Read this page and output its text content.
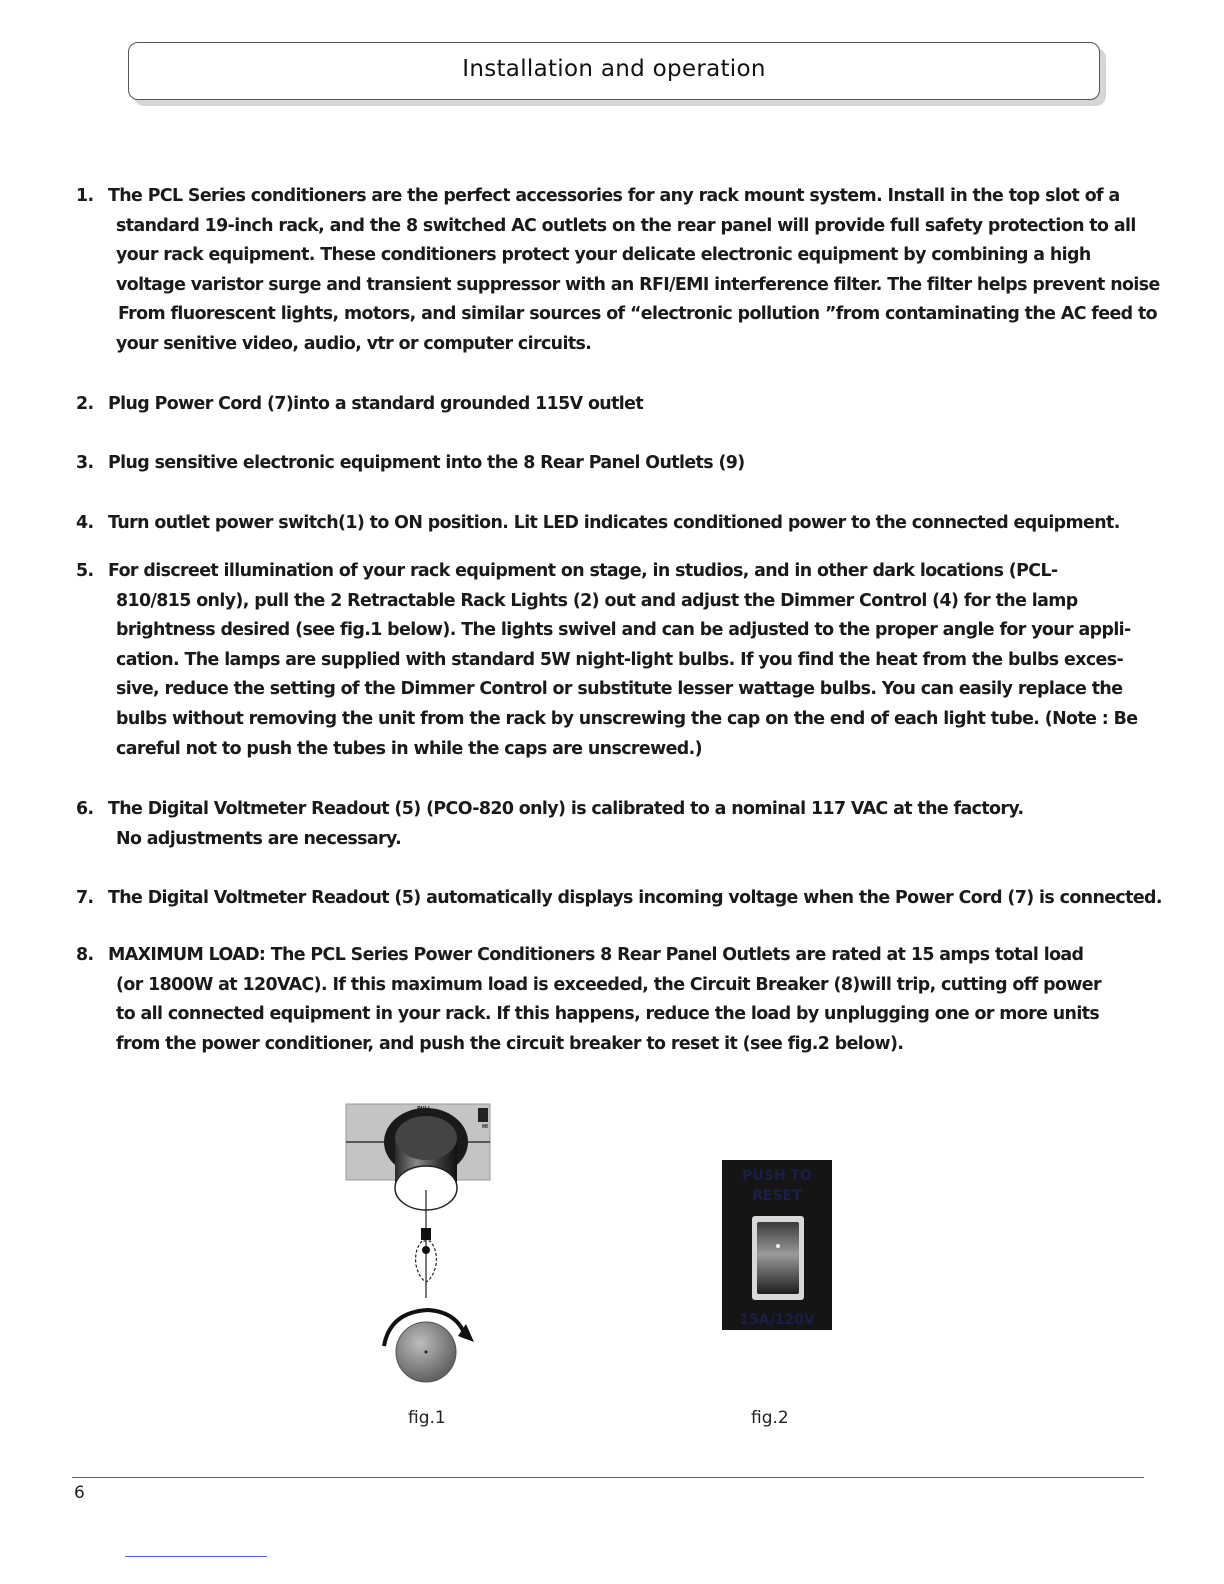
Installation and operation
1. The PCL Series conditioners are the perfect accessories for any rack mount system. Install in the top slot of a
standard 19-inch rack, and the 8 switched AC outlets on the rear panel will provide full safety protection to all
your rack equipment. These conditioners protect your delicate electronic equipment by combining a high
voltage varistor surge and transient suppressor with an RFI/EMI interference filter. The filter helps prevent noise
From fluorescent lights, motors, and similar sources of “electronic pollution ”from contaminating the AC feed to
your senitive video, audio, vtr or computer circuits.
2. Plug Power Cord (7)into a standard grounded 115V outlet
3. Plug sensitive electronic equipment into the 8 Rear Panel Outlets (9)
4. Turn outlet power switch(1) to ON position. Lit LED indicates conditioned power to the connected equipment.
5. For discreet illumination of your rack equipment on stage, in studios, and in other dark locations (PCL-
810/815 only), pull the 2 Retractable Rack Lights (2) out and adjust the Dimmer Control (4) for the lamp
brightness desired (see fig.1 below). The lights swivel and can be adjusted to the proper angle for your appli-
cation. The lamps are supplied with standard 5W night-light bulbs. If you find the heat from the bulbs exces-
sive, reduce the setting of the Dimmer Control or substitute lesser wattage bulbs. You can easily replace the
bulbs without removing the unit from the rack by unscrewing the cap on the end of each light tube. (Note : Be
careful not to push the tubes in while the caps are unscrewed.)
6. The Digital Voltmeter Readout (5) (PCO-820 only) is calibrated to a nominal 117 VAC at the factory.
No adjustments are necessary.
7. The Digital Voltmeter Readout (5) automatically displays incoming voltage when the Power Cord (7) is connected.
8. MAXIMUM LOAD: The PCL Series Power Conditioners 8 Rear Panel Outlets are rated at 15 amps total load
(or 1800W at 120VAC). If this maximum load is exceeded, the Circuit Breaker (8)will trip, cutting off power
to all connected equipment in your rack. If this happens, reduce the load by unplugging one or more units
from the power conditioner, and push the circuit breaker to reset it (see fig.2 below).
HI
PUSH TO
RESET
15A/120V
fig.1	fig.2
6
